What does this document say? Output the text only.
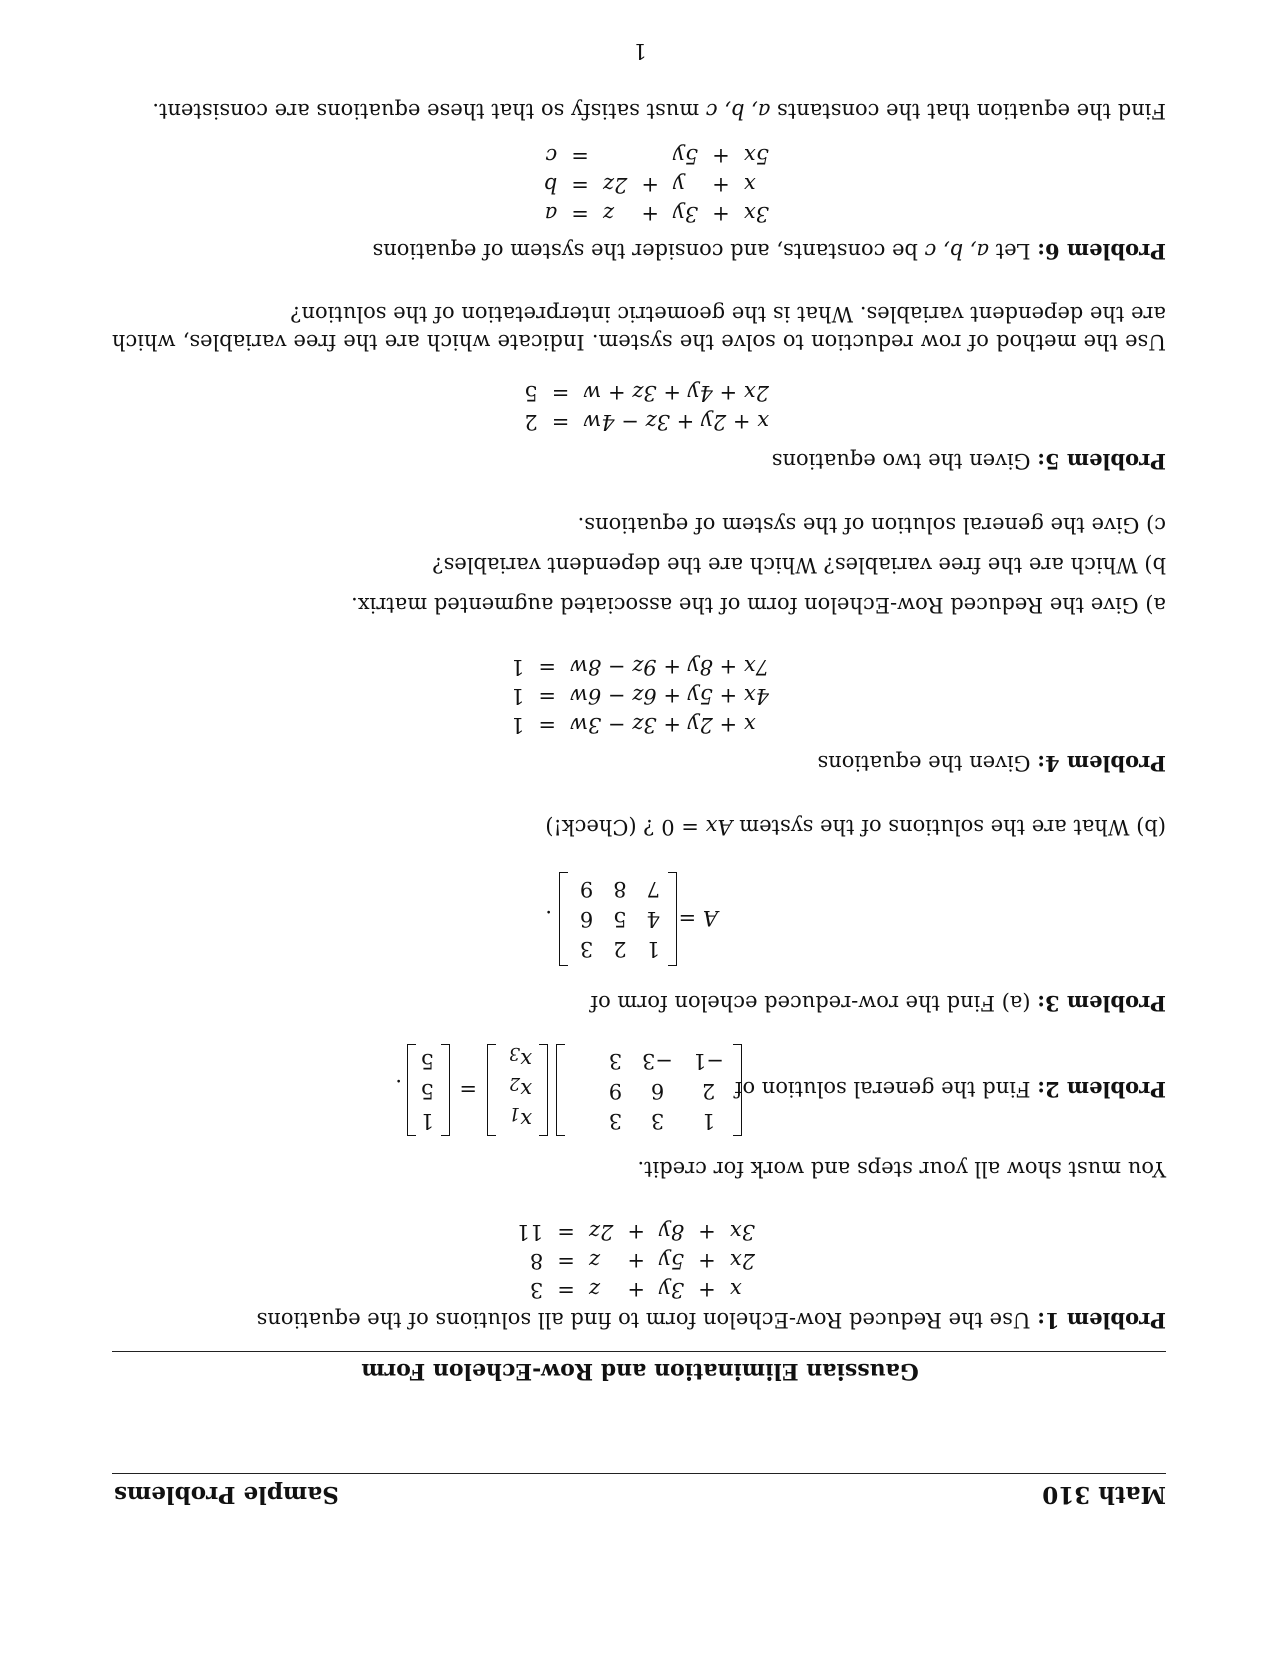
Math 310
Sample Problems
Gaussian Elimination and Row-Echelon Form
Problem 1: Use the Reduced Row-Echelon form to find all solutions of the equations
x	+	3y	+	z	=	3
2x	+	5y	+	z	=	8
3x	+	8y	+	2z	=	11
You must show all your steps and work for credit.
Problem 2: Find the general solution of
1	3	3
2	6	9
−1	−3	3
$x_1$
$x_2$
$x_3$
=
1
5
5
.
Problem 3: (a) Find the row-reduced echelon form of
A =
1	2	3
4	5	6
7	8	9
.
(b) What are the solutions of the system Ax = 0 ? (Check!)
Problem 4: Given the equations
x + 2y + 3z − 3w	=	1
4x + 5y + 6z − 6w	=	1
7x + 8y + 9z − 8w	=	1
a) Give the Reduced Row-Echelon form of the associated augmented matrix.
b) Which are the free variables? Which are the dependent variables?
c) Give the general solution of the system of equations.
Problem 5: Given the two equations
x + 2y + 3z − 4w	=	2
2x + 4y + 3z + w	=	5
Use the method of row reduction to solve the system. Indicate which are the free variables, which are the dependent variables. What is the geometric interpretation of the solution?
Problem 6: Let a, b, c be constants, and consider the system of equations
3x	+	3y	+	z	=	a
x	+	y	+	2z	=	b
5x	+	5y			=	c
Find the equation that the constants a, b, c must satisfy so that these equations are consistent.
1
